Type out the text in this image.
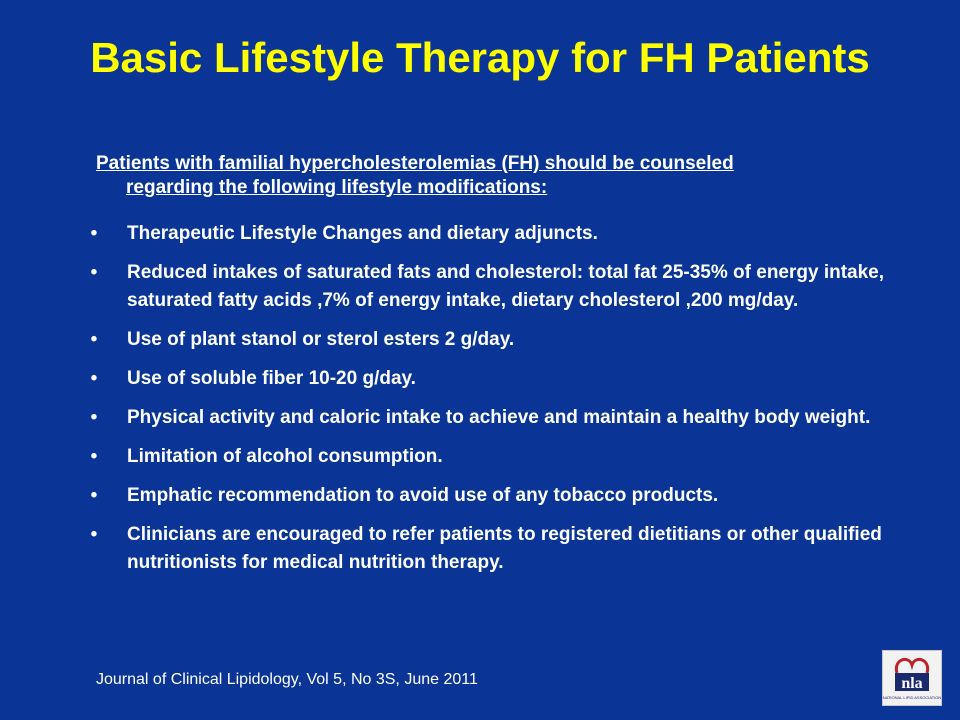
Basic Lifestyle Therapy for FH Patients
Patients with familial hypercholesterolemias (FH) should be counseled
regarding the following lifestyle modifications:
• Therapeutic Lifestyle Changes and dietary adjuncts.
• Reduced intakes of saturated fats and cholesterol: total fat 25-35% of energy intake, saturated fatty acids ,7% of energy intake, dietary cholesterol ,200 mg/day.
• Use of plant stanol or sterol esters 2 g/day.
• Use of soluble fiber 10-20 g/day.
• Physical activity and caloric intake to achieve and maintain a healthy body weight.
• Limitation of alcohol consumption.
• Emphatic recommendation to avoid use of any tobacco products.
• Clinicians are encouraged to refer patients to registered dietitians or other qualified nutritionists for medical nutrition therapy.
Journal of Clinical Lipidology, Vol 5, No 3S, June 2011	nla
NATIONAL LIPID ASSOCIATION
